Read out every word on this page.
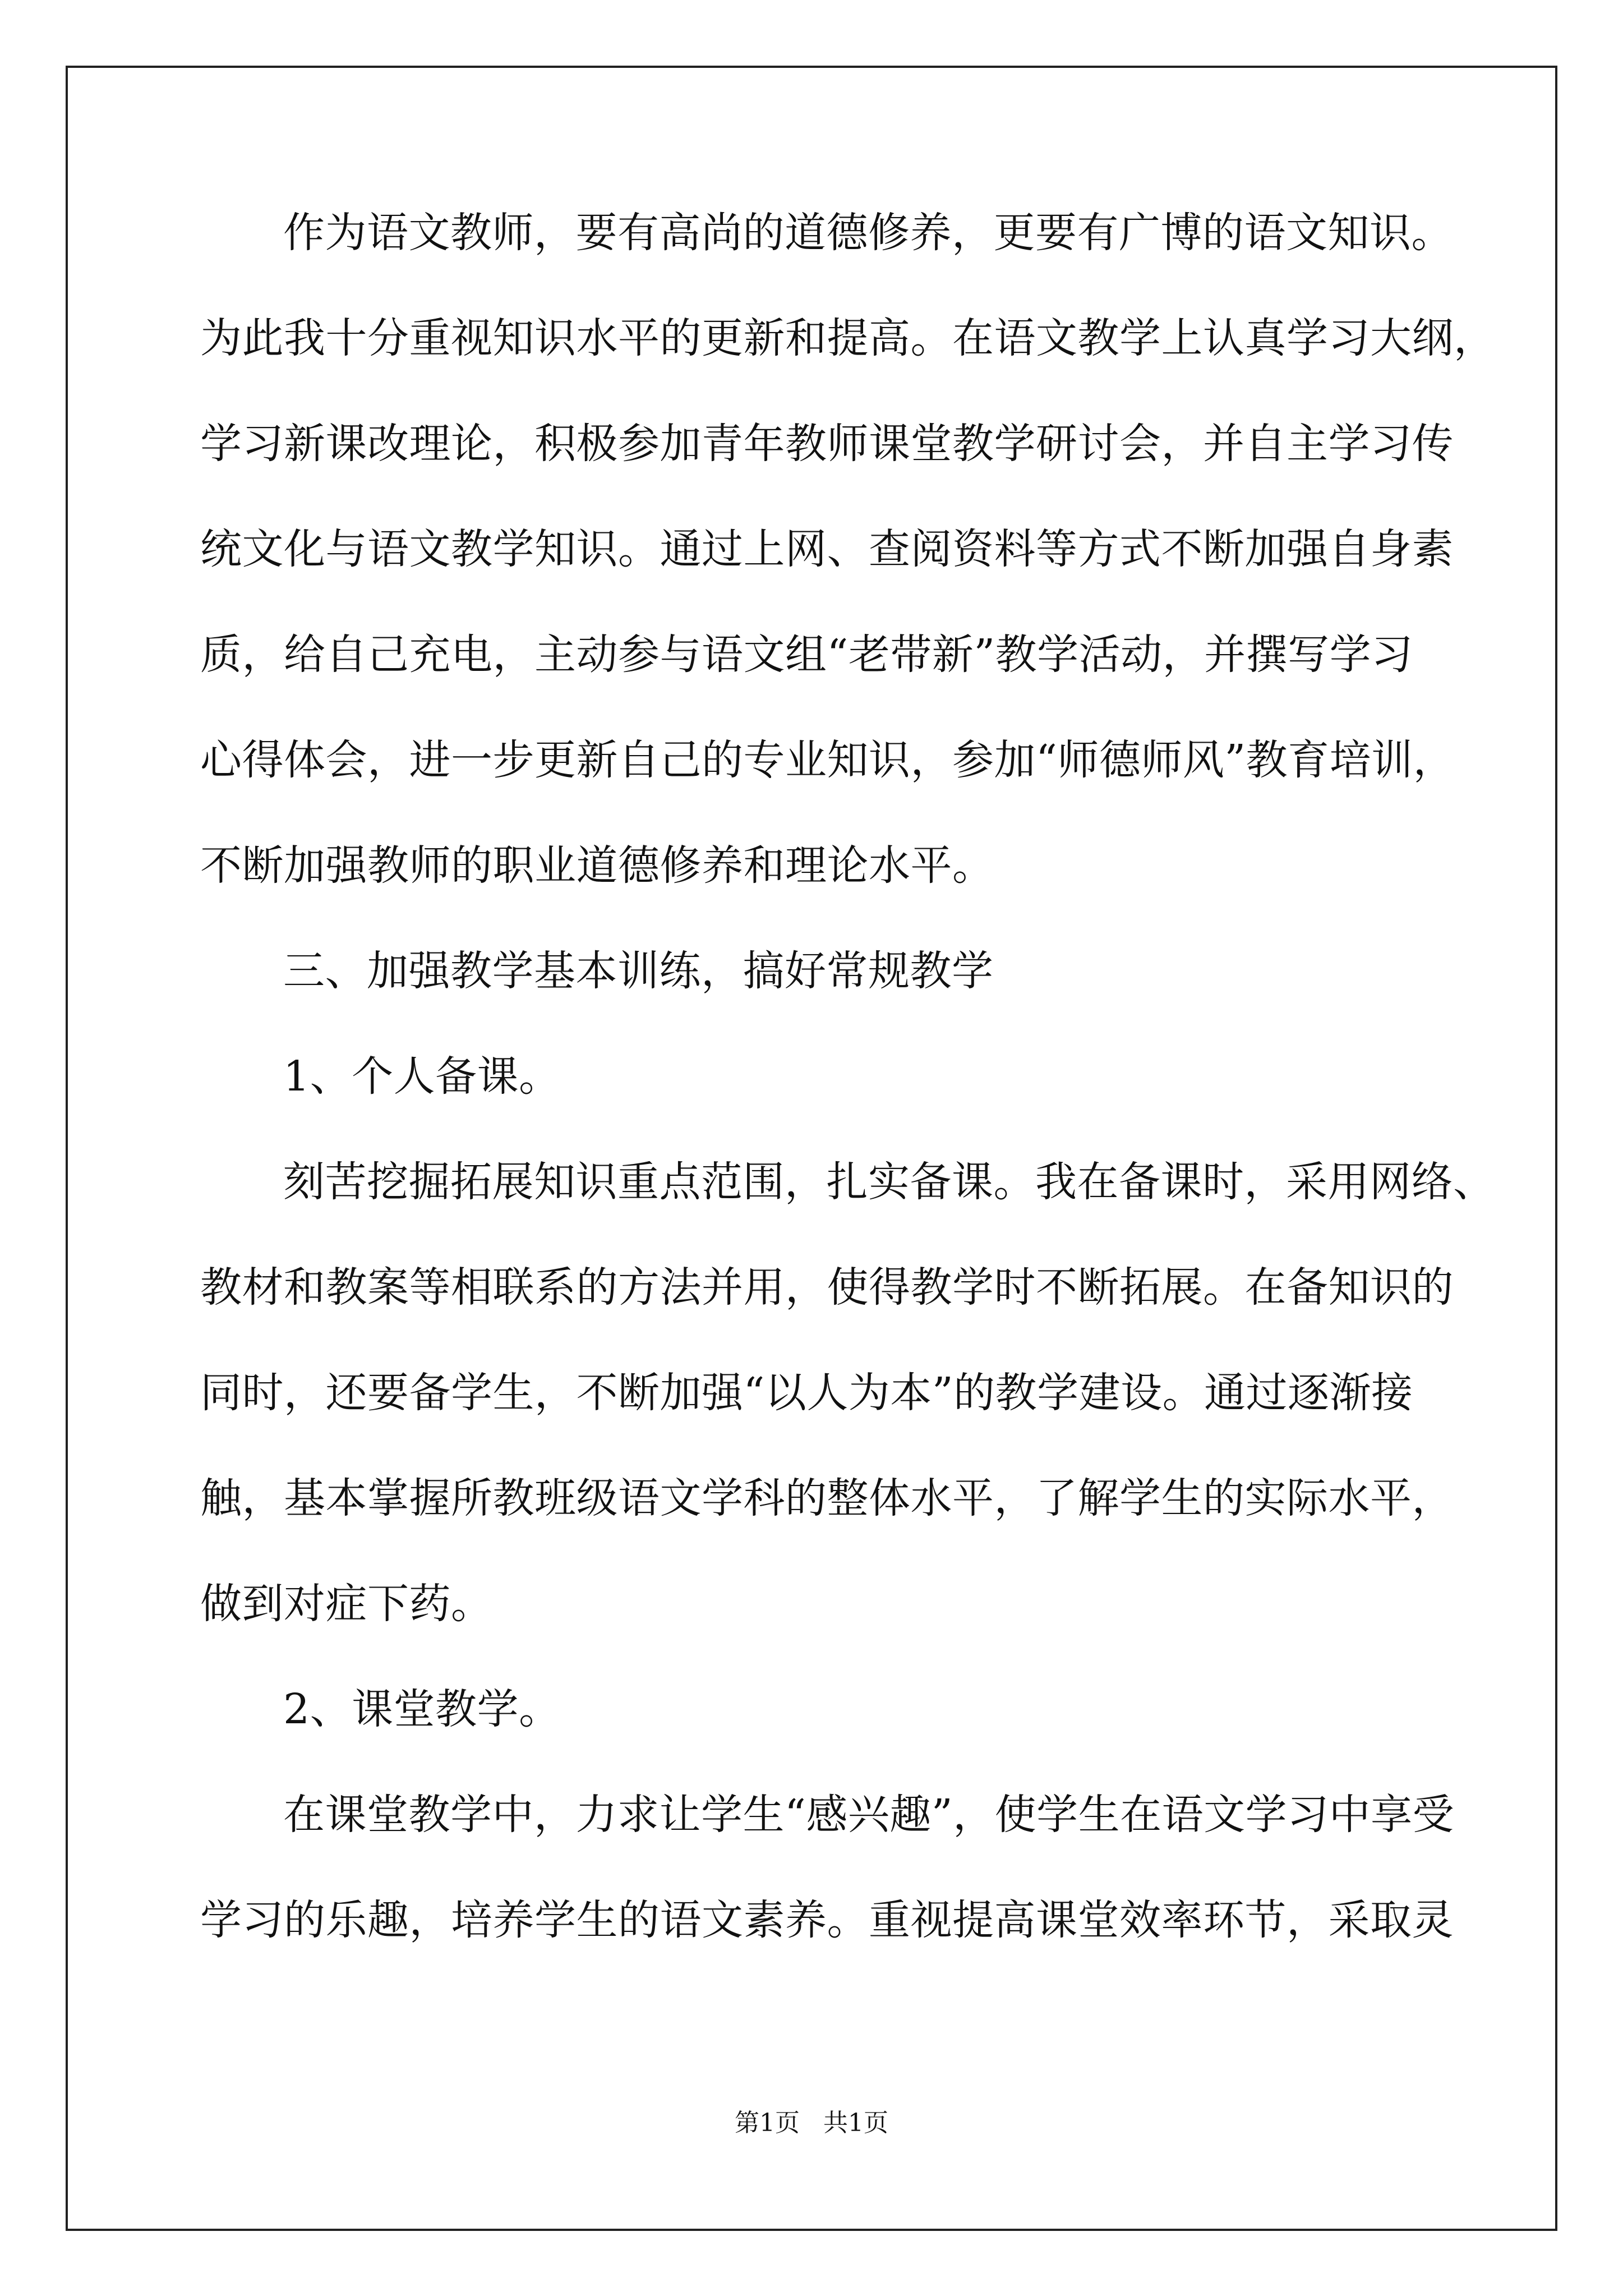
作为语文教师，要有高尚的道德修养，更要有广博的语文知识。
为此我十分重视知识水平的更新和提高。在语文教学上认真学习大纲，
学习新课改理论，积极参加青年教师课堂教学研讨会，并自主学习传
统文化与语文教学知识。通过上网、查阅资料等方式不断加强自身素
质，给自己充电，主动参与语文组“老带新”教学活动，并撰写学习
心得体会，进一步更新自己的专业知识，参加“师德师风”教育培训，
不断加强教师的职业道德修养和理论水平。
三、加强教学基本训练，搞好常规教学
1、个人备课。
刻苦挖掘拓展知识重点范围，扎实备课。我在备课时，采用网络、
教材和教案等相联系的方法并用，使得教学时不断拓展。在备知识的
同时，还要备学生，不断加强“以人为本”的教学建设。通过逐渐接
触，基本掌握所教班级语文学科的整体水平，了解学生的实际水平，
做到对症下药。
2、课堂教学。
在课堂教学中，力求让学生“感兴趣”，使学生在语文学习中享受
学习的乐趣，培养学生的语文素养。重视提高课堂效率环节，采取灵
第1页   共1页
